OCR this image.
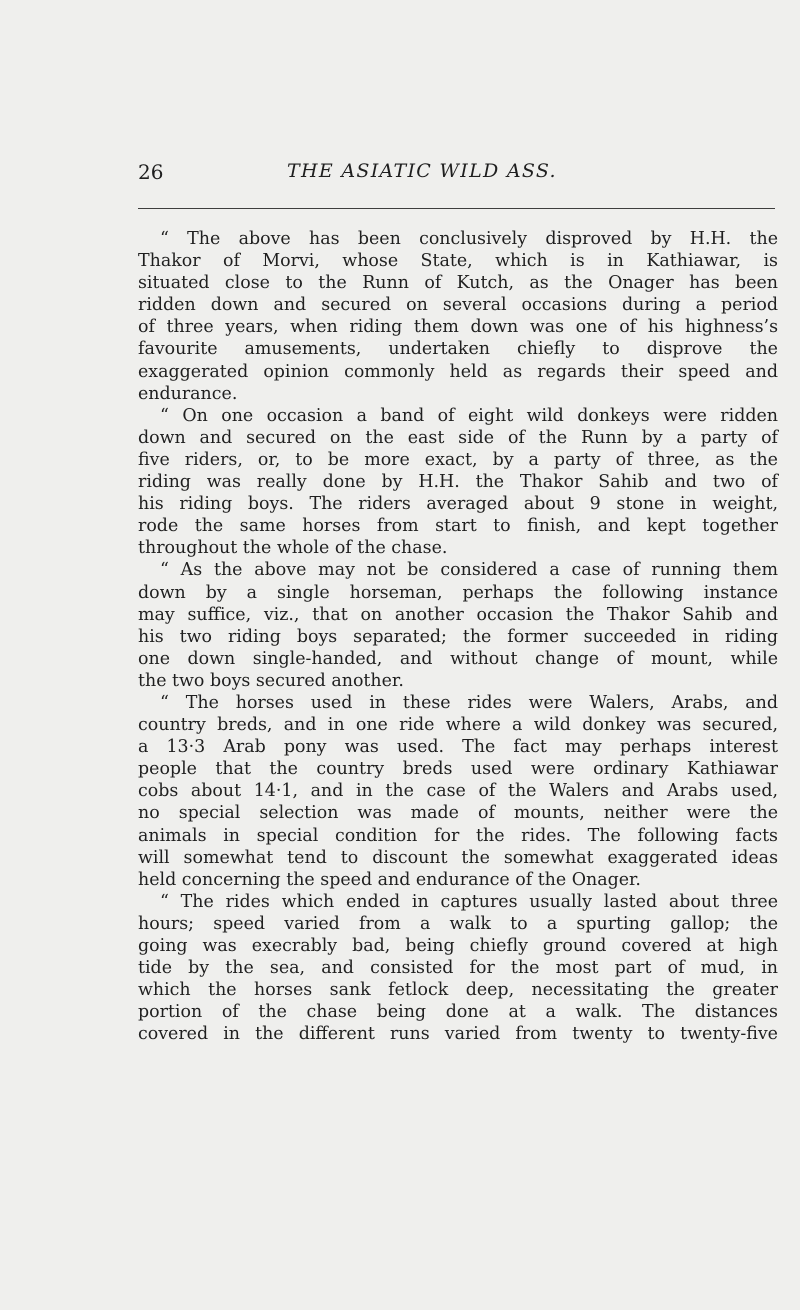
26	THE ASIATIC WILD ASS.
“ The above has been conclusively disproved by H.H. the
Thakor of Morvi, whose State, which is in Kathiawar, is
situated close to the Runn of Kutch, as the Onager has been
ridden down and secured on several occasions during a period
of three years, when riding them down was one of his highness’s
favourite amusements, undertaken chiefly to disprove the
exaggerated opinion commonly held as regards their speed and
endurance.
“ On one occasion a band of eight wild donkeys were ridden
down and secured on the east side of the Runn by a party of
five riders, or, to be more exact, by a party of three, as the
riding was really done by H.H. the Thakor Sahib and two of
his riding boys. The riders averaged about 9 stone in weight,
rode the same horses from start to finish, and kept together
throughout the whole of the chase.
“ As the above may not be considered a case of running them
down by a single horseman, perhaps the following instance
may suffice, viz., that on another occasion the Thakor Sahib and
his two riding boys separated; the former succeeded in riding
one down single-handed, and without change of mount, while
the two boys secured another.
“ The horses used in these rides were Walers, Arabs, and
country breds, and in one ride where a wild donkey was secured,
a 13·3 Arab pony was used. The fact may perhaps interest
people that the country breds used were ordinary Kathiawar
cobs about 14·1, and in the case of the Walers and Arabs used,
no special selection was made of mounts, neither were the
animals in special condition for the rides. The following facts
will somewhat tend to discount the somewhat exaggerated ideas
held concerning the speed and endurance of the Onager.
“ The rides which ended in captures usually lasted about three
hours; speed varied from a walk to a spurting gallop; the
going was execrably bad, being chiefly ground covered at high
tide by the sea, and consisted for the most part of mud, in
which the horses sank fetlock deep, necessitating the greater
portion of the chase being done at a walk. The distances
covered in the different runs varied from twenty to twenty-five
